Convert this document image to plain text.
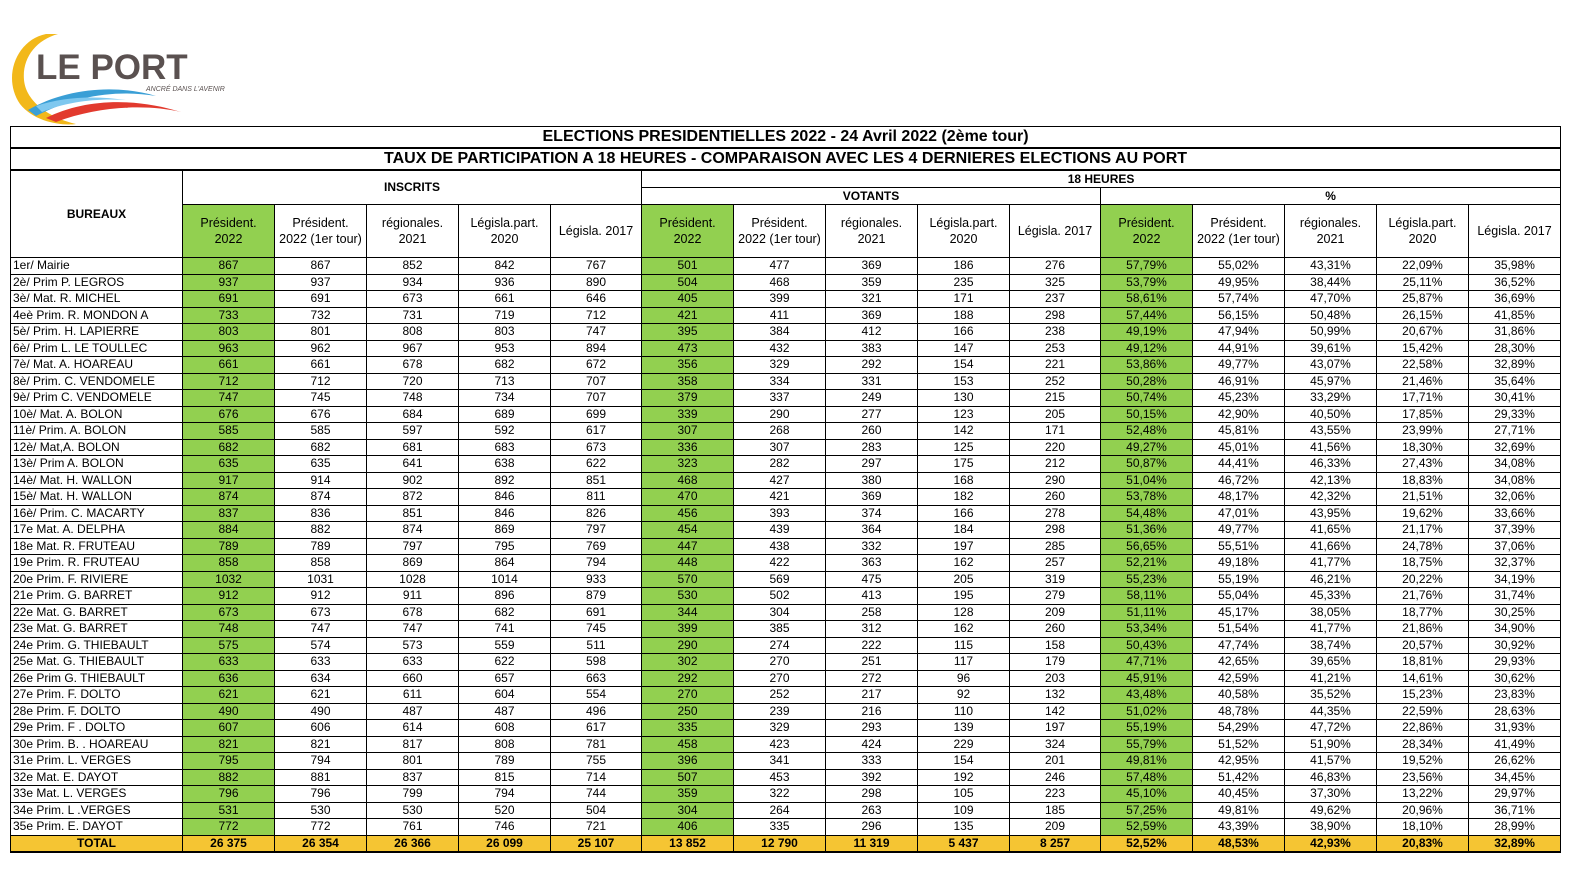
LE PORT
ANCRÉ DANS L'AVENIR
ELECTIONS PRESIDENTIELLES 2022 - 24 Avril 2022 (2ème tour)															
TAUX DE PARTICIPATION A 18 HEURES - COMPARAISON AVEC LES 4 DERNIERES ELECTIONS AU PORT															
BUREAUX	INSCRITS					18 HEURES									
						VOTANTS					%				
	Président. 2022	Président. 2022 (1er tour)	régionales. 2021	Législa.part. 2020	Législa. 2017	Président. 2022	Président. 2022 (1er tour)	régionales. 2021	Législa.part. 2020	Législa. 2017	Président. 2022	Président. 2022 (1er tour)	régionales. 2021	Législa.part. 2020	Législa. 2017
1er/ Mairie	867	867	852	842	767	501	477	369	186	276	57,79%	55,02%	43,31%	22,09%	35,98%
2è/ Prim P. LEGROS	937	937	934	936	890	504	468	359	235	325	53,79%	49,95%	38,44%	25,11%	36,52%
3è/ Mat. R. MICHEL	691	691	673	661	646	405	399	321	171	237	58,61%	57,74%	47,70%	25,87%	36,69%
4eè Prim. R. MONDON A	733	732	731	719	712	421	411	369	188	298	57,44%	56,15%	50,48%	26,15%	41,85%
5è/ Prim. H. LAPIERRE	803	801	808	803	747	395	384	412	166	238	49,19%	47,94%	50,99%	20,67%	31,86%
6è/ Prim L. LE TOULLEC	963	962	967	953	894	473	432	383	147	253	49,12%	44,91%	39,61%	15,42%	28,30%
7è/ Mat. A. HOAREAU	661	661	678	682	672	356	329	292	154	221	53,86%	49,77%	43,07%	22,58%	32,89%
8è/ Prim. C. VENDOMELE	712	712	720	713	707	358	334	331	153	252	50,28%	46,91%	45,97%	21,46%	35,64%
9è/ Prim C. VENDOMELE	747	745	748	734	707	379	337	249	130	215	50,74%	45,23%	33,29%	17,71%	30,41%
10è/ Mat. A. BOLON	676	676	684	689	699	339	290	277	123	205	50,15%	42,90%	40,50%	17,85%	29,33%
11è/ Prim. A. BOLON	585	585	597	592	617	307	268	260	142	171	52,48%	45,81%	43,55%	23,99%	27,71%
12è/ Mat,A. BOLON	682	682	681	683	673	336	307	283	125	220	49,27%	45,01%	41,56%	18,30%	32,69%
13è/ Prim A. BOLON	635	635	641	638	622	323	282	297	175	212	50,87%	44,41%	46,33%	27,43%	34,08%
14è/ Mat. H. WALLON	917	914	902	892	851	468	427	380	168	290	51,04%	46,72%	42,13%	18,83%	34,08%
15è/ Mat. H. WALLON	874	874	872	846	811	470	421	369	182	260	53,78%	48,17%	42,32%	21,51%	32,06%
16è/ Prim. C. MACARTY	837	836	851	846	826	456	393	374	166	278	54,48%	47,01%	43,95%	19,62%	33,66%
17e Mat. A. DELPHA	884	882	874	869	797	454	439	364	184	298	51,36%	49,77%	41,65%	21,17%	37,39%
18e Mat. R. FRUTEAU	789	789	797	795	769	447	438	332	197	285	56,65%	55,51%	41,66%	24,78%	37,06%
19e Prim. R. FRUTEAU	858	858	869	864	794	448	422	363	162	257	52,21%	49,18%	41,77%	18,75%	32,37%
20e Prim. F. RIVIERE	1032	1031	1028	1014	933	570	569	475	205	319	55,23%	55,19%	46,21%	20,22%	34,19%
21e Prim. G. BARRET	912	912	911	896	879	530	502	413	195	279	58,11%	55,04%	45,33%	21,76%	31,74%
22e Mat. G. BARRET	673	673	678	682	691	344	304	258	128	209	51,11%	45,17%	38,05%	18,77%	30,25%
23e Mat. G. BARRET	748	747	747	741	745	399	385	312	162	260	53,34%	51,54%	41,77%	21,86%	34,90%
24e Prim. G. THIEBAULT	575	574	573	559	511	290	274	222	115	158	50,43%	47,74%	38,74%	20,57%	30,92%
25e Mat. G. THIEBAULT	633	633	633	622	598	302	270	251	117	179	47,71%	42,65%	39,65%	18,81%	29,93%
26e Prim G. THIEBAULT	636	634	660	657	663	292	270	272	96	203	45,91%	42,59%	41,21%	14,61%	30,62%
27e Prim. F. DOLTO	621	621	611	604	554	270	252	217	92	132	43,48%	40,58%	35,52%	15,23%	23,83%
28e Prim. F. DOLTO	490	490	487	487	496	250	239	216	110	142	51,02%	48,78%	44,35%	22,59%	28,63%
29e Prim. F . DOLTO	607	606	614	608	617	335	329	293	139	197	55,19%	54,29%	47,72%	22,86%	31,93%
30e Prim. B. . HOAREAU	821	821	817	808	781	458	423	424	229	324	55,79%	51,52%	51,90%	28,34%	41,49%
31e Prim. L. VERGES	795	794	801	789	755	396	341	333	154	201	49,81%	42,95%	41,57%	19,52%	26,62%
32e Mat. E. DAYOT	882	881	837	815	714	507	453	392	192	246	57,48%	51,42%	46,83%	23,56%	34,45%
33e Mat. L. VERGES	796	796	799	794	744	359	322	298	105	223	45,10%	40,45%	37,30%	13,22%	29,97%
34e Prim. L .VERGES	531	530	530	520	504	304	264	263	109	185	57,25%	49,81%	49,62%	20,96%	36,71%
35e Prim. E. DAYOT	772	772	761	746	721	406	335	296	135	209	52,59%	43,39%	38,90%	18,10%	28,99%
TOTAL	26 375	26 354	26 366	26 099	25 107	13 852	12 790	11 319	5 437	8 257	52,52%	48,53%	42,93%	20,83%	32,89%
